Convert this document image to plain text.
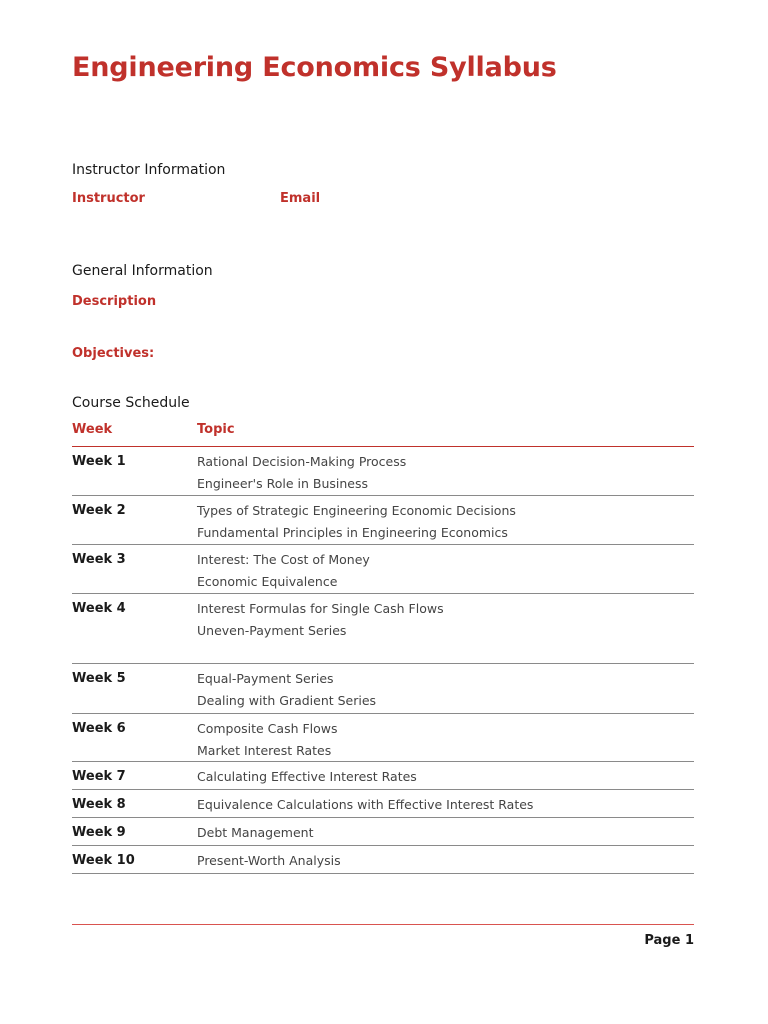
Engineering Economics Syllabus
Instructor Information
Instructor	Email
General Information
Description
Objectives:
Course Schedule
Week	Topic
Week 1	Rational Decision-Making Process
Engineer's Role in Business
Week 2	Types of Strategic Engineering Economic Decisions
Fundamental Principles in Engineering Economics
Week 3	Interest: The Cost of Money
Economic Equivalence
Week 4	Interest Formulas for Single Cash Flows
Uneven-Payment Series
Week 5	Equal-Payment Series
Dealing with Gradient Series
Week 6	Composite Cash Flows
Market Interest Rates
Week 7	Calculating Effective Interest Rates
Week 8	Equivalence Calculations with Effective Interest Rates
Week 9	Debt Management
Week 10	Present-Worth Analysis
Page 1
